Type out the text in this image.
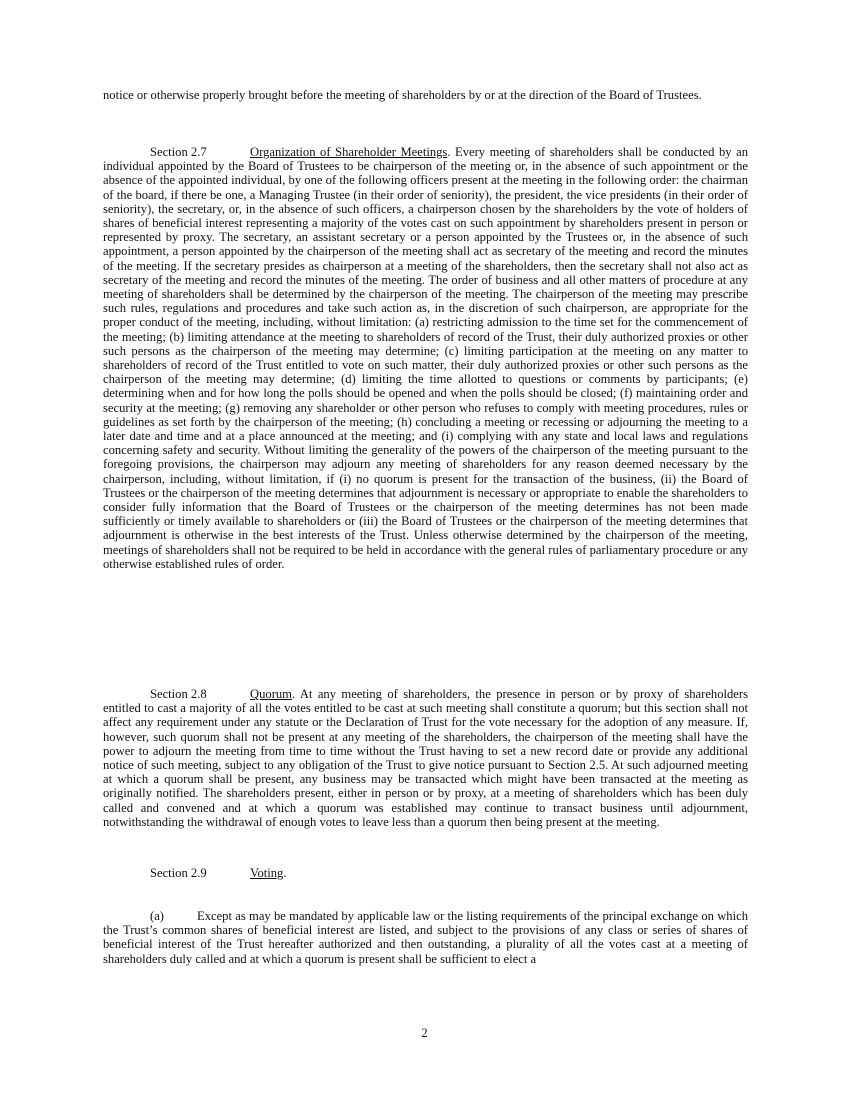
notice or otherwise properly brought before the meeting of shareholders by or at the direction of the Board of Trustees.

Section 2.7	Organization of Shareholder Meetings. Every meeting of shareholders shall be conducted by an individual appointed by the Board of Trustees to be chairperson of the meeting or, in the absence of such appointment or the absence of the appointed individual, by one of the following officers present at the meeting in the following order: the chairman of the board, if there be one, a Managing Trustee (in their order of seniority), the president, the vice presidents (in their order of seniority), the secretary, or, in the absence of such officers, a chairperson chosen by the shareholders by the vote of holders of shares of beneficial interest representing a majority of the votes cast on such appointment by shareholders present in person or represented by proxy. The secretary, an assistant secretary or a person appointed by the Trustees or, in the absence of such appointment, a person appointed by the chairperson of the meeting shall act as secretary of the meeting and record the minutes of the meeting. If the secretary presides as chairperson at a meeting of the shareholders, then the secretary shall not also act as secretary of the meeting and record the minutes of the meeting. The order of business and all other matters of procedure at any meeting of shareholders shall be determined by the chairperson of the meeting. The chairperson of the meeting may prescribe such rules, regulations and procedures and take such action as, in the discretion of such chairperson, are appropriate for the proper conduct of the meeting, including, without limitation: (a) restricting admission to the time set for the commencement of the meeting; (b) limiting attendance at the meeting to shareholders of record of the Trust, their duly authorized proxies or other such persons as the chairperson of the meeting may determine; (c) limiting participation at the meeting on any matter to shareholders of record of the Trust entitled to vote on such matter, their duly authorized proxies or other such persons as the chairperson of the meeting may determine; (d) limiting the time allotted to questions or comments by participants; (e) determining when and for how long the polls should be opened and when the polls should be closed; (f) maintaining order and security at the meeting; (g) removing any shareholder or other person who refuses to comply with meeting procedures, rules or guidelines as set forth by the chairperson of the meeting; (h) concluding a meeting or recessing or adjourning the meeting to a later date and time and at a place announced at the meeting; and (i) complying with any state and local laws and regulations concerning safety and security. Without limiting the generality of the powers of the chairperson of the meeting pursuant to the foregoing provisions, the chairperson may adjourn any meeting of shareholders for any reason deemed necessary by the chairperson, including, without limitation, if (i) no quorum is present for the transaction of the business, (ii) the Board of Trustees or the chairperson of the meeting determines that adjournment is necessary or appropriate to enable the shareholders to consider fully information that the Board of Trustees or the chairperson of the meeting determines has not been made sufficiently or timely available to shareholders or (iii) the Board of Trustees or the chairperson of the meeting determines that adjournment is otherwise in the best interests of the Trust. Unless otherwise determined by the chairperson of the meeting, meetings of shareholders shall not be required to be held in accordance with the general rules of parliamentary procedure or any otherwise established rules of order.

Section 2.8	Quorum. At any meeting of shareholders, the presence in person or by proxy of shareholders entitled to cast a majority of all the votes entitled to be cast at such meeting shall constitute a quorum; but this section shall not affect any requirement under any statute or the Declaration of Trust for the vote necessary for the adoption of any measure. If, however, such quorum shall not be present at any meeting of the shareholders, the chairperson of the meeting shall have the power to adjourn the meeting from time to time without the Trust having to set a new record date or provide any additional notice of such meeting, subject to any obligation of the Trust to give notice pursuant to Section 2.5. At such adjourned meeting at which a quorum shall be present, any business may be transacted which might have been transacted at the meeting as originally notified. The shareholders present, either in person or by proxy, at a meeting of shareholders which has been duly called and convened and at which a quorum was established may continue to transact business until adjournment, notwithstanding the withdrawal of enough votes to leave less than a quorum then being present at the meeting.

Section 2.9	Voting.

(a)	Except as may be mandated by applicable law or the listing requirements of the principal exchange on which the Trust’s common shares of beneficial interest are listed, and subject to the provisions of any class or series of shares of beneficial interest of the Trust hereafter authorized and then outstanding, a plurality of all the votes cast at a meeting of shareholders duly called and at which a quorum is present shall be sufficient to elect a

2
